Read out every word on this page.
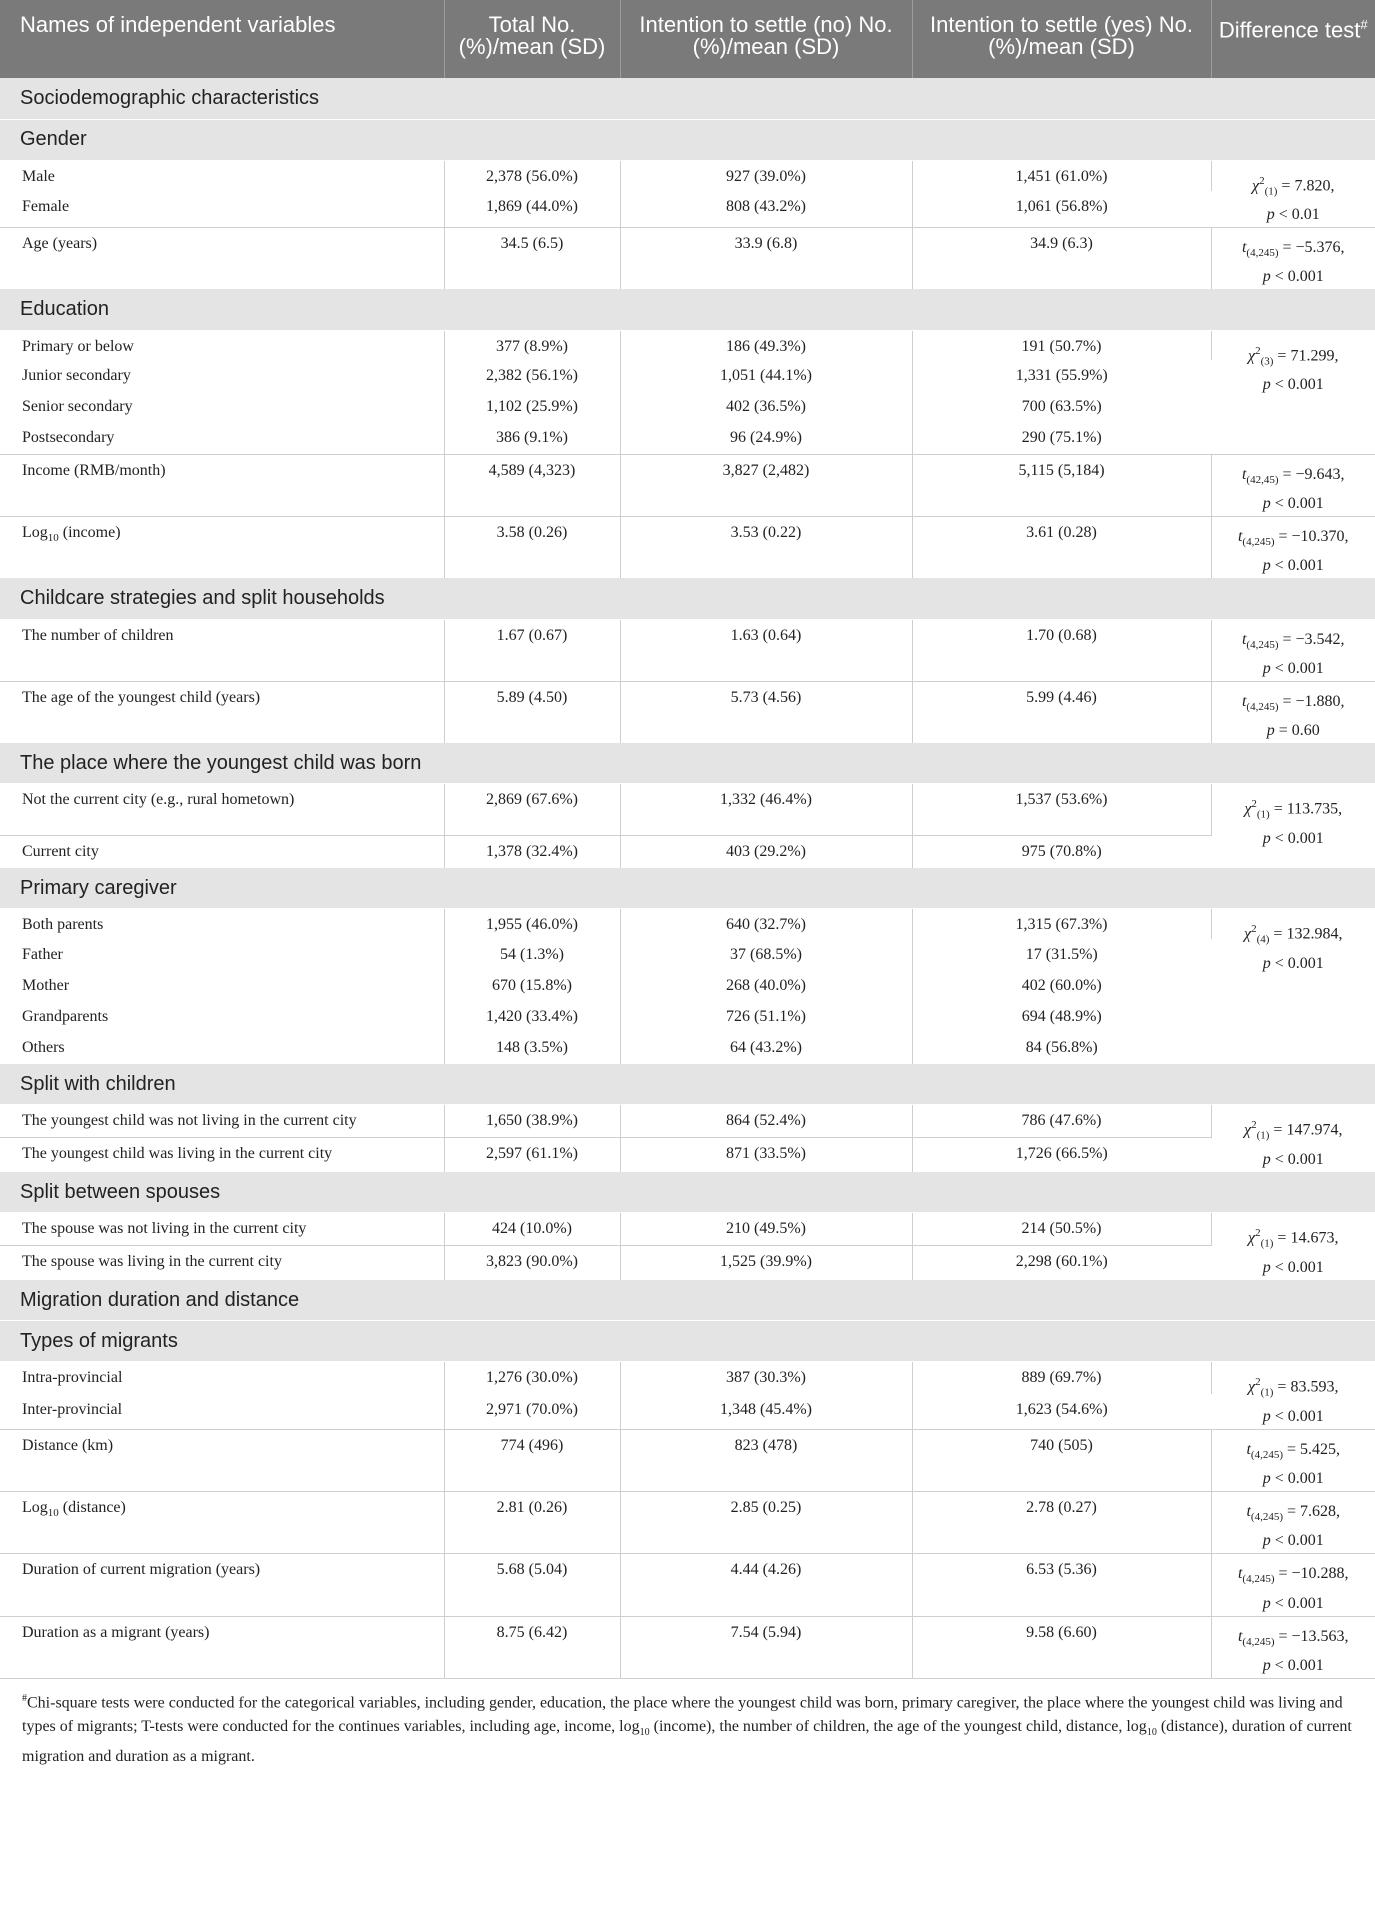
Names of independent variables	Total No. (%)/mean (SD)	Intention to settle (no) No. (%)/mean (SD)	Intention to settle (yes) No. (%)/mean (SD)	Difference test#
Sociodemographic characteristics				
Gender				
Male	2,378 (56.0%)	927 (39.0%)	1,451 (61.0%)	$\chi^2_{(1)} = 7.820$,
p < 0.01
Female	1,869 (44.0%)	808 (43.2%)	1,061 (56.8%)	
Age (years)	34.5 (6.5)	33.9 (6.8)	34.9 (6.3)	$t_{(4,245)} = -5.376$,
p < 0.001
Education				
Primary or below	377 (8.9%)	186 (49.3%)	191 (50.7%)	$\chi^2_{(3)} = 71.299$,
p < 0.001
Junior secondary	2,382 (56.1%)	1,051 (44.1%)	1,331 (55.9%)	
Senior secondary	1,102 (25.9%)	402 (36.5%)	700 (63.5%)	
Postsecondary	386 (9.1%)	96 (24.9%)	290 (75.1%)	
Income (RMB/month)	4,589 (4,323)	3,827 (2,482)	5,115 (5,184)	$t_{(42,45)} = -9.643$,
p < 0.001
Log$_{10}$ (income)	3.58 (0.26)	3.53 (0.22)	3.61 (0.28)	$t_{(4,245)} = -10.370$,
p < 0.001
Childcare strategies and split households				
The number of children	1.67 (0.67)	1.63 (0.64)	1.70 (0.68)	$t_{(4,245)} = -3.542$,
p < 0.001
The age of the youngest child (years)	5.89 (4.50)	5.73 (4.56)	5.99 (4.46)	$t_{(4,245)} = -1.880$,
p = 0.60
The place where the youngest child was born				
Not the current city (e.g., rural hometown)	2,869 (67.6%)	1,332 (46.4%)	1,537 (53.6%)	$\chi^2_{(1)} = 113.735$,
p < 0.001
Current city	1,378 (32.4%)	403 (29.2%)	975 (70.8%)	
Primary caregiver				
Both parents	1,955 (46.0%)	640 (32.7%)	1,315 (67.3%)	$\chi^2_{(4)} = 132.984$,
p < 0.001
Father	54 (1.3%)	37 (68.5%)	17 (31.5%)	
Mother	670 (15.8%)	268 (40.0%)	402 (60.0%)	
Grandparents	1,420 (33.4%)	726 (51.1%)	694 (48.9%)	
Others	148 (3.5%)	64 (43.2%)	84 (56.8%)	
Split with children				
The youngest child was not living in the current city	1,650 (38.9%)	864 (52.4%)	786 (47.6%)	$\chi^2_{(1)} = 147.974$,
p < 0.001
The youngest child was living in the current city	2,597 (61.1%)	871 (33.5%)	1,726 (66.5%)	
Split between spouses				
The spouse was not living in the current city	424 (10.0%)	210 (49.5%)	214 (50.5%)	$\chi^2_{(1)} = 14.673$,
p < 0.001
The spouse was living in the current city	3,823 (90.0%)	1,525 (39.9%)	2,298 (60.1%)	
Migration duration and distance				
Types of migrants				
Intra-provincial	1,276 (30.0%)	387 (30.3%)	889 (69.7%)	$\chi^2_{(1)} = 83.593$,
p < 0.001
Inter-provincial	2,971 (70.0%)	1,348 (45.4%)	1,623 (54.6%)	
Distance (km)	774 (496)	823 (478)	740 (505)	$t_{(4,245)} = 5.425$,
p < 0.001
Log$_{10}$ (distance)	2.81 (0.26)	2.85 (0.25)	2.78 (0.27)	$t_{(4,245)} = 7.628$,
p < 0.001
Duration of current migration (years)	5.68 (5.04)	4.44 (4.26)	6.53 (5.36)	$t_{(4,245)} = -10.288$,
p < 0.001
Duration as a migrant (years)	8.75 (6.42)	7.54 (5.94)	9.58 (6.60)	$t_{(4,245)} = -13.563$,
p < 0.001
#Chi-square tests were conducted for the categorical variables, including gender, education, the place where the youngest child was born, primary caregiver, the place where the youngest child was living and types of migrants; T-tests were conducted for the continues variables, including age, income, $\log_{10}$ (income), the number of children, the age of the youngest child, distance, $\log_{10}$ (distance), duration of current migration and duration as a migrant.
